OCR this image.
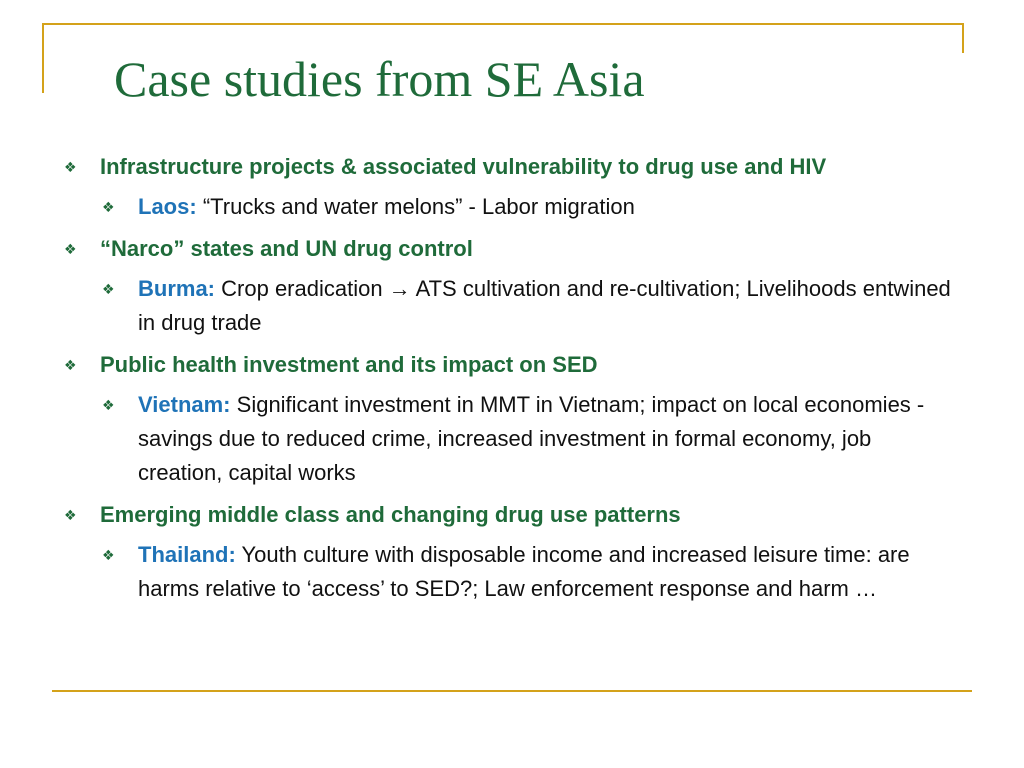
Case studies from SE Asia
❖ Infrastructure projects & associated vulnerability to drug use and HIV
❖ Laos: “Trucks and water melons” - Labor migration
❖ “Narco” states and UN drug control
❖ Burma: Crop eradication → ATS cultivation and re-cultivation; Livelihoods entwined in drug trade
❖ Public health investment and its impact on SED
❖ Vietnam: Significant investment in MMT in Vietnam; impact on local economies - savings due to reduced crime, increased investment in formal economy, job creation, capital works
❖ Emerging middle class and changing drug use patterns
❖ Thailand: Youth culture with disposable income and increased leisure time: are harms relative to ‘access’ to SED?; Law enforcement response and harm …
